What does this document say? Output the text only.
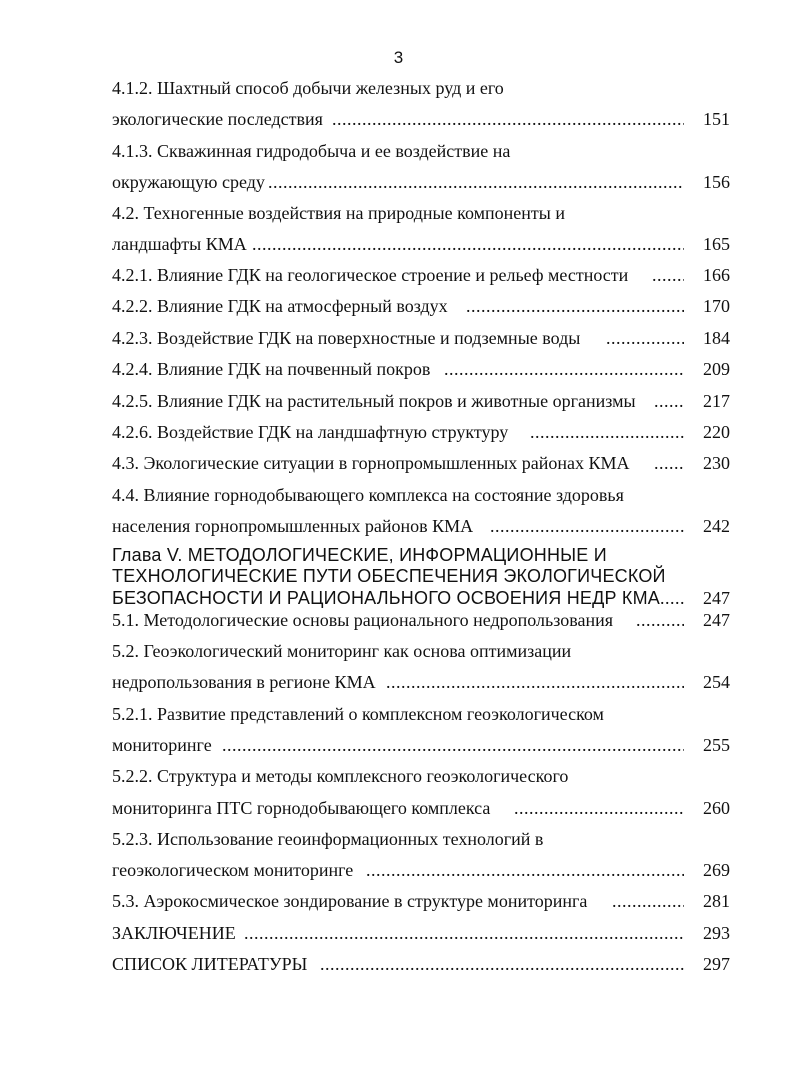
3
4.1.2. Шахтный способ добычи железных руд и его
экологические последствия .....	151
4.1.3. Скважинная гидродобыча и ее воздействие на
окружающую среду .....	156
4.2. Техногенные воздействия на природные компоненты и
ландшафты КМА .....	165
4.2.1. Влияние ГДК на геологическое строение и рельеф местности .....	166
4.2.2. Влияние ГДК на атмосферный воздух .....	170
4.2.3. Воздействие ГДК на поверхностные и подземные воды .....	184
4.2.4. Влияние ГДК на почвенный покров .....	209
4.2.5. Влияние ГДК на растительный покров и животные организмы .....	217
4.2.6. Воздействие ГДК на ландшафтную структуру .....	220
4.3. Экологические ситуации в горнопромышленных районах КМА .....	230
4.4. Влияние горнодобывающего комплекса на состояние здоровья
населения горнопромышленных районов КМА .....	242
Глава V. МЕТОДОЛОГИЧЕСКИЕ, ИНФОРМАЦИОННЫЕ И
ТЕХНОЛОГИЧЕСКИЕ ПУТИ ОБЕСПЕЧЕНИЯ ЭКОЛОГИЧЕСКОЙ
БЕЗОПАСНОСТИ И РАЦИОНАЛЬНОГО ОСВОЕНИЯ НЕДР КМА ..... 247
5.1. Методологические основы рационального недропользования .....	247
5.2. Геоэкологический мониторинг как основа оптимизации
недропользования в регионе КМА .....	254
5.2.1. Развитие представлений о комплексном геоэкологическом
мониторинге .....	255
5.2.2. Структура и методы комплексного геоэкологического
мониторинга ПТС горнодобывающего комплекса .....	260
5.2.3. Использование геоинформационных технологий в
геоэкологическом мониторинге .....	269
5.3. Аэрокосмическое зондирование в структуре мониторинга .....	281
ЗАКЛЮЧЕНИЕ .....	293
СПИСОК ЛИТЕРАТУРЫ .....	297
